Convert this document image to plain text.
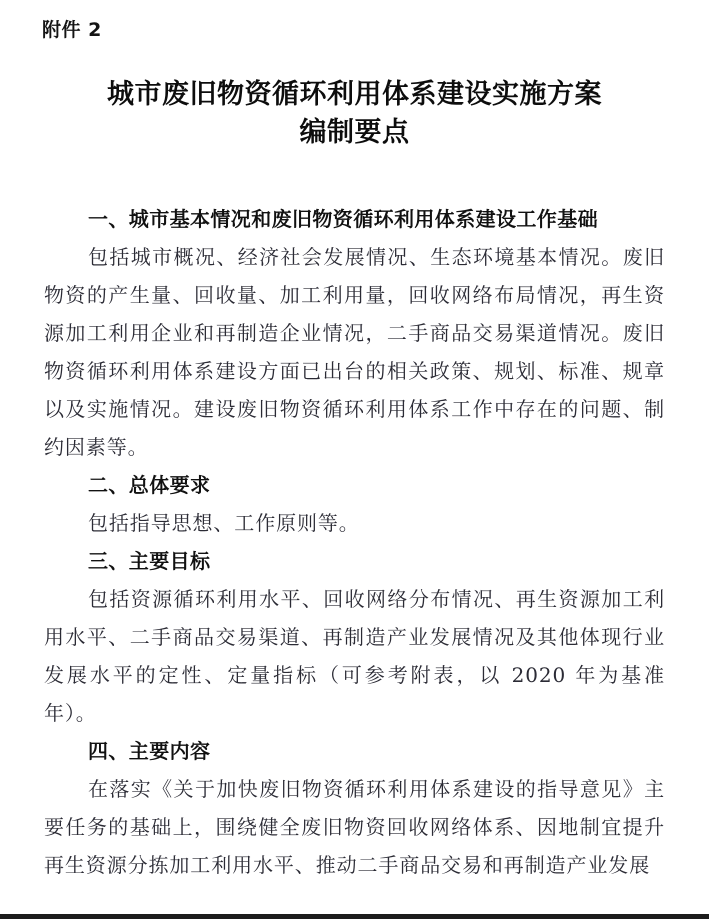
附件 2
城市废旧物资循环利用体系建设实施方案
编制要点
一、城市基本情况和废旧物资循环利用体系建设工作基础

包括城市概况、经济社会发展情况、生态环境基本情况。废旧物资的产生量、回收量、加工利用量，回收网络布局情况，再生资源加工利用企业和再制造企业情况，二手商品交易渠道情况。废旧物资循环利用体系建设方面已出台的相关政策、规划、标准、规章以及实施情况。建设废旧物资循环利用体系工作中存在的问题、制约因素等。

二、总体要求

包括指导思想、工作原则等。

三、主要目标

包括资源循环利用水平、回收网络分布情况、再生资源加工利用水平、二手商品交易渠道、再制造产业发展情况及其他体现行业发展水平的定性、定量指标（可参考附表，以 2020 年为基准年）。

四、主要内容

在落实《关于加快废旧物资循环利用体系建设的指导意见》主要任务的基础上，围绕健全废旧物资回收网络体系、因地制宜提升再生资源分拣加工利用水平、推动二手商品交易和再制造产业发展
